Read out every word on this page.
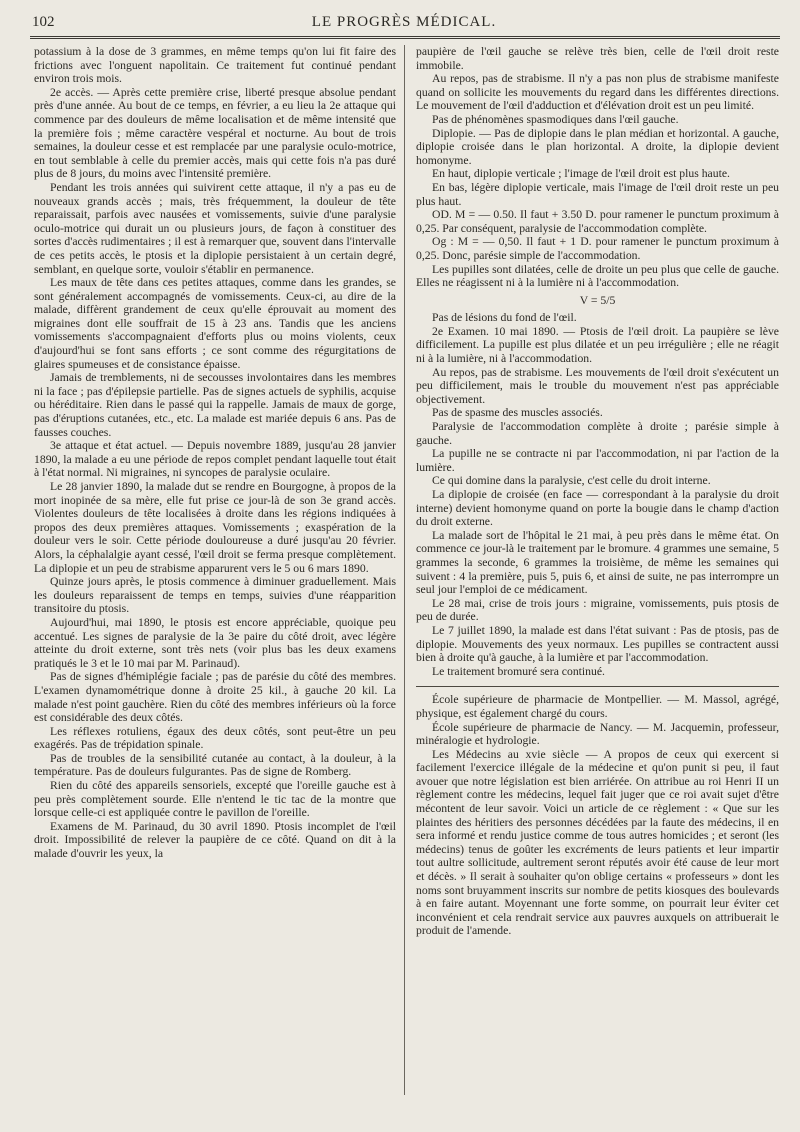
102	LE PROGRÈS MÉDICAL.

potassium à la dose de 3 grammes, en même temps qu'on lui fit faire des frictions avec l'onguent napolitain. Ce traitement fut continué pendant environ trois mois.

2e accès. — Après cette première crise, liberté presque absolue pendant près d'une année. Au bout de ce temps, en février, a eu lieu la 2e attaque qui commence par des douleurs de même localisation et de même intensité que la première fois ; même caractère vespéral et nocturne. Au bout de trois semaines, la douleur cesse et est remplacée par une paralysie oculo-motrice, en tout semblable à celle du premier accès, mais qui cette fois n'a pas duré plus de 8 jours, du moins avec l'intensité première.

Pendant les trois années qui suivirent cette attaque, il n'y a pas eu de nouveaux grands accès ; mais, très fréquemment, la douleur de tête reparaissait, parfois avec nausées et vomissements, suivie d'une paralysie oculo-motrice qui durait un ou plusieurs jours, de façon à constituer des sortes d'accès rudimentaires ; il est à remarquer que, souvent dans l'intervalle de ces petits accès, le ptosis et la diplopie persistaient à un certain degré, semblant, en quelque sorte, vouloir s'établir en permanence.

Les maux de tête dans ces petites attaques, comme dans les grandes, se sont généralement accompagnés de vomissements. Ceux-ci, au dire de la malade, diffèrent grandement de ceux qu'elle éprouvait au moment des migraines dont elle souffrait de 15 à 23 ans. Tandis que les anciens vomissements s'accompagnaient d'efforts plus ou moins violents, ceux d'aujourd'hui se font sans efforts ; ce sont comme des régurgitations de glaires spumeuses et de consistance épaisse.

Jamais de tremblements, ni de secousses involontaires dans les membres ni la face ; pas d'épilepsie partielle. Pas de signes actuels de syphilis, acquise ou héréditaire. Rien dans le passé qui la rappelle. Jamais de maux de gorge, pas d'éruptions cutanées, etc., etc. La malade est mariée depuis 6 ans. Pas de fausses couches.

3e attaque et état actuel. — Depuis novembre 1889, jusqu'au 28 janvier 1890, la malade a eu une période de repos complet pendant laquelle tout était à l'état normal. Ni migraines, ni syncopes de paralysie oculaire.

Le 28 janvier 1890, la malade dut se rendre en Bourgogne, à propos de la mort inopinée de sa mère, elle fut prise ce jour-là de son 3e grand accès. Violentes douleurs de tête localisées à droite dans les régions indiquées à propos des deux premières attaques. Vomissements ; exaspération de la douleur vers le soir. Cette période douloureuse a duré jusqu'au 20 février. Alors, la céphalalgie ayant cessé, l'œil droit se ferma presque complètement. La diplopie et un peu de strabisme apparurent vers le 5 ou 6 mars 1890.

Quinze jours après, le ptosis commence à diminuer graduellement. Mais les douleurs reparaissent de temps en temps, suivies d'une réapparition transitoire du ptosis.

Aujourd'hui, mai 1890, le ptosis est encore appréciable, quoique peu accentué. Les signes de paralysie de la 3e paire du côté droit, avec légère atteinte du droit externe, sont très nets (voir plus bas les deux examens pratiqués le 3 et le 10 mai par M. Parinaud).

Pas de signes d'hémiplégie faciale ; pas de parésie du côté des membres. L'examen dynamométrique donne à droite 25 kil., à gauche 20 kil. La malade n'est point gauchère. Rien du côté des membres inférieurs où la force est considérable des deux côtés.

Les réflexes rotuliens, égaux des deux côtés, sont peut-être un peu exagérés. Pas de trépidation spinale.

Pas de troubles de la sensibilité cutanée au contact, à la douleur, à la température. Pas de douleurs fulgurantes. Pas de signe de Romberg.

Rien du côté des appareils sensoriels, excepté que l'oreille gauche est à peu près complètement sourde. Elle n'entend le tic tac de la montre que lorsque celle-ci est appliquée contre le pavillon de l'oreille.

Examens de M. Parinaud, du 30 avril 1890. Ptosis incomplet de l'œil droit. Impossibilité de relever la paupière de ce côté. Quand on dit à la malade d'ouvrir les yeux, la

paupière de l'œil gauche se relève très bien, celle de l'œil droit reste immobile.

Au repos, pas de strabisme. Il n'y a pas non plus de strabisme manifeste quand on sollicite les mouvements du regard dans les différentes directions. Le mouvement de l'œil d'adduction et d'élévation droit est un peu limité.

Pas de phénomènes spasmodiques dans l'œil gauche.

Diplopie. — Pas de diplopie dans le plan médian et horizontal. A gauche, diplopie croisée dans le plan horizontal. A droite, la diplopie devient homonyme.

En haut, diplopie verticale ; l'image de l'œil droit est plus haute.

En bas, légère diplopie verticale, mais l'image de l'œil droit reste un peu plus haut.

OD. M = — 0.50. Il faut + 3.50 D. pour ramener le punctum proximum à 0,25. Par conséquent, paralysie de l'accommodation complète.

Og : M = — 0,50. Il faut + 1 D. pour ramener le punctum proximum à 0,25. Donc, parésie simple de l'accommodation.

Les pupilles sont dilatées, celle de droite un peu plus que celle de gauche. Elles ne réagissent ni à la lumière ni à l'accommodation.

V = 5/5

Pas de lésions du fond de l'œil.

2e Examen. 10 mai 1890. — Ptosis de l'œil droit. La paupière se lève difficilement. La pupille est plus dilatée et un peu irrégulière ; elle ne réagit ni à la lumière, ni à l'accommodation.

Au repos, pas de strabisme. Les mouvements de l'œil droit s'exécutent un peu difficilement, mais le trouble du mouvement n'est pas appréciable objectivement.

Pas de spasme des muscles associés.

Paralysie de l'accommodation complète à droite ; parésie simple à gauche.

La pupille ne se contracte ni par l'accommodation, ni par l'action de la lumière.

Ce qui domine dans la paralysie, c'est celle du droit interne.

La diplopie de croisée (en face — correspondant à la paralysie du droit interne) devient homonyme quand on porte la bougie dans le champ d'action du droit externe.

La malade sort de l'hôpital le 21 mai, à peu près dans le même état. On commence ce jour-là le traitement par le bromure. 4 grammes une semaine, 5 grammes la seconde, 6 grammes la troisième, de même les semaines qui suivent : 4 la première, puis 5, puis 6, et ainsi de suite, ne pas interrompre un seul jour l'emploi de ce médicament.

Le 28 mai, crise de trois jours : migraine, vomissements, puis ptosis de peu de durée.

Le 7 juillet 1890, la malade est dans l'état suivant : Pas de ptosis, pas de diplopie. Mouvements des yeux normaux. Les pupilles se contractent aussi bien à droite qu'à gauche, à la lumière et par l'accommodation.

Le traitement bromuré sera continué.

École supérieure de pharmacie de Montpellier. — M. Massol, agrégé, physique, est également chargé du cours.

École supérieure de pharmacie de Nancy. — M. Jacquemin, professeur, minéralogie et hydrologie.

Les Médecins au xvie siècle — A propos de ceux qui exercent si facilement l'exercice illégale de la médecine et qu'on punit si peu, il faut avouer que notre législation est bien arriérée. On attribue au roi Henri II un règlement contre les médecins, lequel fait juger que ce roi avait sujet d'être mécontent de leur savoir. Voici un article de ce règlement : « Que sur les plaintes des héritiers des personnes décédées par la faute des médecins, il en sera informé et rendu justice comme de tous autres homicides ; et seront (les médecins) tenus de goûter les excréments de leurs patients et leur impartir tout aultre sollicitude, aultrement seront réputés avoir été cause de leur mort et décès. » Il serait à souhaiter qu'on oblige certains « professeurs » dont les noms sont bruyamment inscrits sur nombre de petits kiosques des boulevards à en faire autant. Moyennant une forte somme, on pourrait leur éviter cet inconvénient et cela rendrait service aux pauvres auxquels on attribuerait le produit de l'amende.
